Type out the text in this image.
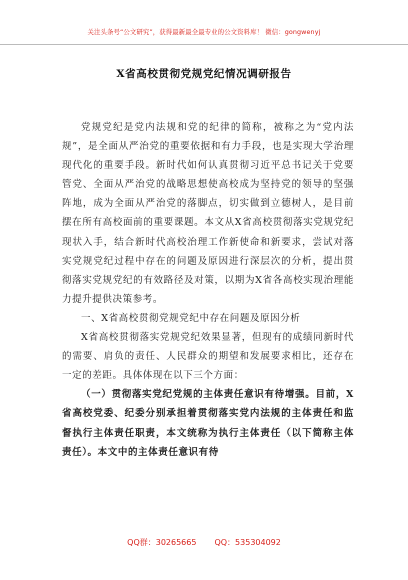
关注头条号“公文研究”，获得最新最全最专业的公文资料库！ 微信：gongwenyj
X省高校贯彻党规党纪情况调研报告

党规党纪是党内法规和党的纪律的简称，被称之为“党内法规”，是全面从严治党的重要依据和有力手段，也是实现大学治理现代化的重要手段。新时代如何认真贯彻习近平总书记关于党要管党、全面从严治党的战略思想使高校成为坚持党的领导的坚强阵地，成为全面从严治党的落脚点，切实做到立德树人，是目前摆在所有高校面前的重要课题。本文从X省高校贯彻落实党规党纪现状入手，结合新时代高校治理工作新使命和新要求，尝试对落实党规党纪过程中存在的问题及原因进行深层次的分析，提出贯彻落实党规党纪的有效路径及对策，以期为X省各高校实现治理能力提升提供决策参考。

一、X省高校贯彻党规党纪中存在问题及原因分析

X省高校贯彻落实党规党纪效果显著，但现有的成绩同新时代的需要、肩负的责任、人民群众的期望和发展要求相比，还存在一定的差距。具体体现在以下三个方面：

（一）贯彻落实党纪党规的主体责任意识有待增强。目前，X省高校党委、纪委分别承担着贯彻落实党内法规的主体责任和监督执行主体责任职责，本文统称为执行主体责任（以下简称主体责任）。本文中的主体责任意识有待

QQ群：30265665 QQ：535304092
